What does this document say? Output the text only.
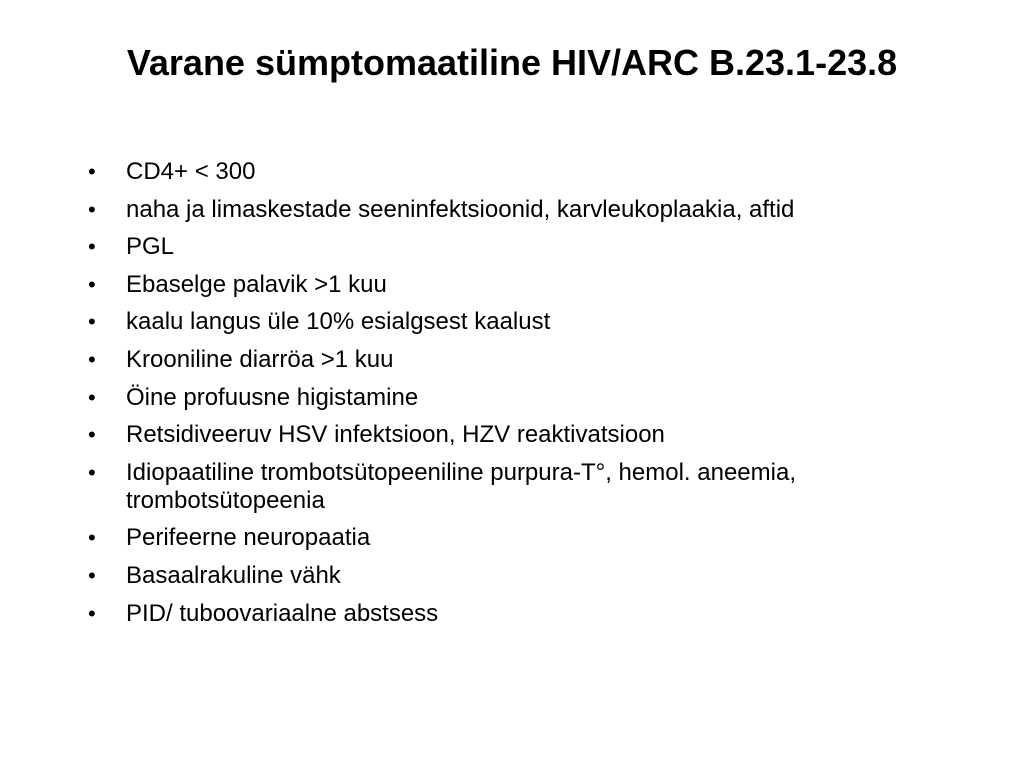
Varane sümptomaatiline HIV/ARC B.23.1-23.8
• CD4+ < 300
• naha ja limaskestade seeninfektsioonid, karvleukoplaakia, aftid
• PGL
• Ebaselge palavik >1 kuu
• kaalu langus üle 10% esialgsest kaalust
• Krooniline diarröa >1 kuu
• Öine profuusne higistamine
• Retsidiveeruv HSV infektsioon, HZV reaktivatsioon
• Idiopaatiline trombotsütopeeniline purpura-T°, hemol. aneemia, trombotsütopeenia
• Perifeerne neuropaatia
• Basaalrakuline vähk
• PID/ tuboovariaalne abstsess
